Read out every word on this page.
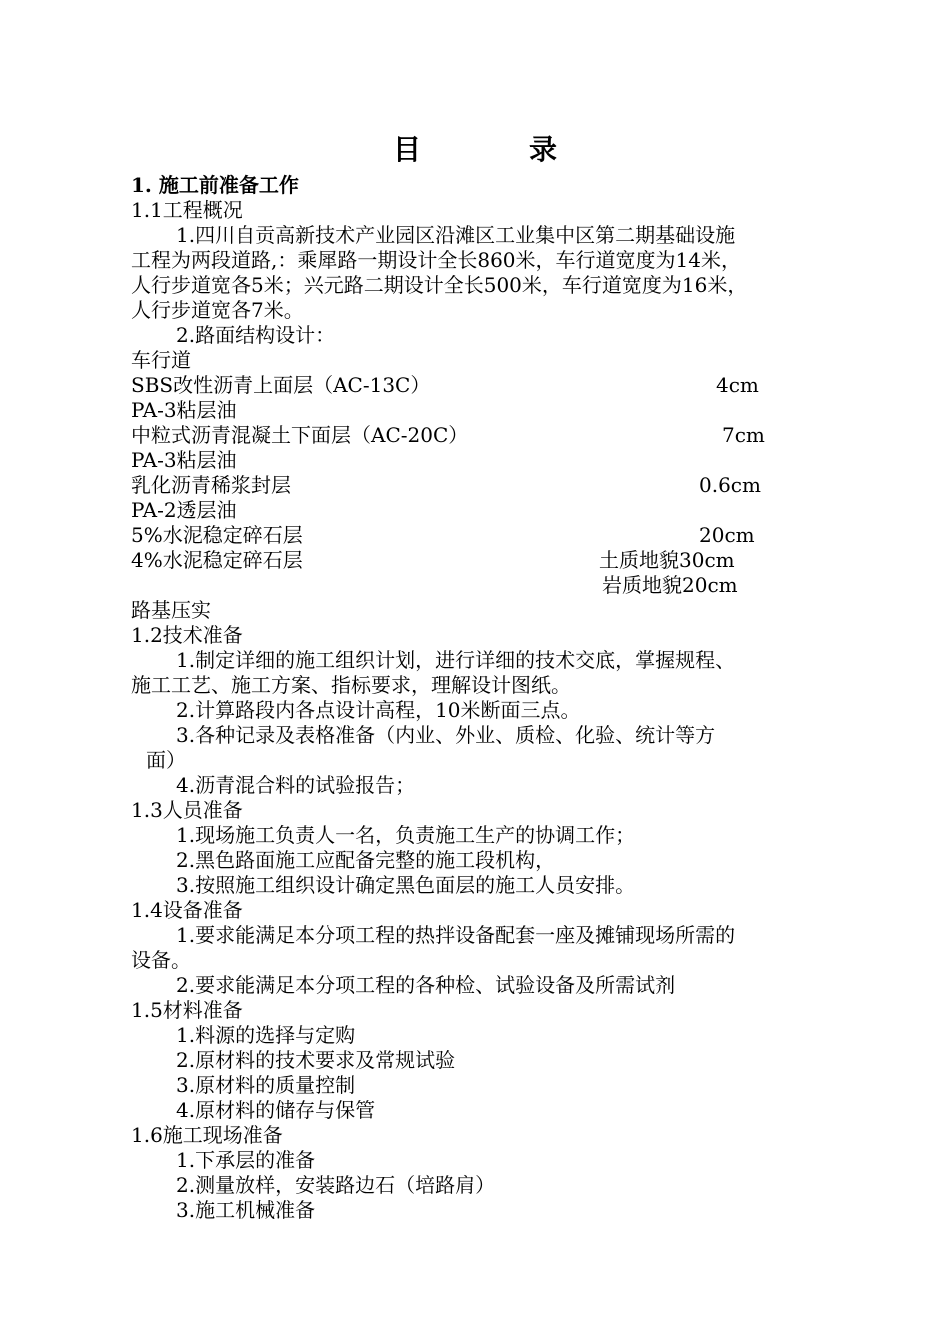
目　录
1. 施工前准备工作
1.1工程概况
1.四川自贡高新技术产业园区沿滩区工业集中区第二期基础设施
工程为两段道路,：乘犀路一期设计全长860米，车行道宽度为14米，
人行步道宽各5米；兴元路二期设计全长500米，车行道宽度为16米，
人行步道宽各7米。
2.路面结构设计：
车行道
SBS改性沥青上面层（AC-13C）	4cm
PA-3粘层油
中粒式沥青混凝土下面层（AC-20C）	7cm
PA-3粘层油
乳化沥青稀浆封层	0.6cm
PA-2透层油
5%水泥稳定碎石层	20cm
4%水泥稳定碎石层	土质地貌30cm
岩质地貌20cm
路基压实
1.2技术准备
1.制定详细的施工组织计划，进行详细的技术交底，掌握规程、
施工工艺、施工方案、指标要求，理解设计图纸。
2.计算路段内各点设计高程，10米断面三点。
3.各种记录及表格准备（内业、外业、质检、化验、统计等方
面）
4.沥青混合料的试验报告；
1.3人员准备
1.现场施工负责人一名，负责施工生产的协调工作；
2.黑色路面施工应配备完整的施工段机构，
3.按照施工组织设计确定黑色面层的施工人员安排。
1.4设备准备
1.要求能满足本分项工程的热拌设备配套一座及摊铺现场所需的
设备。
2.要求能满足本分项工程的各种检、试验设备及所需试剂
1.5材料准备
1.料源的选择与定购
2.原材料的技术要求及常规试验
3.原材料的质量控制
4.原材料的储存与保管
1.6施工现场准备
1.下承层的准备
2.测量放样，安装路边石（培路肩）
3.施工机械准备
